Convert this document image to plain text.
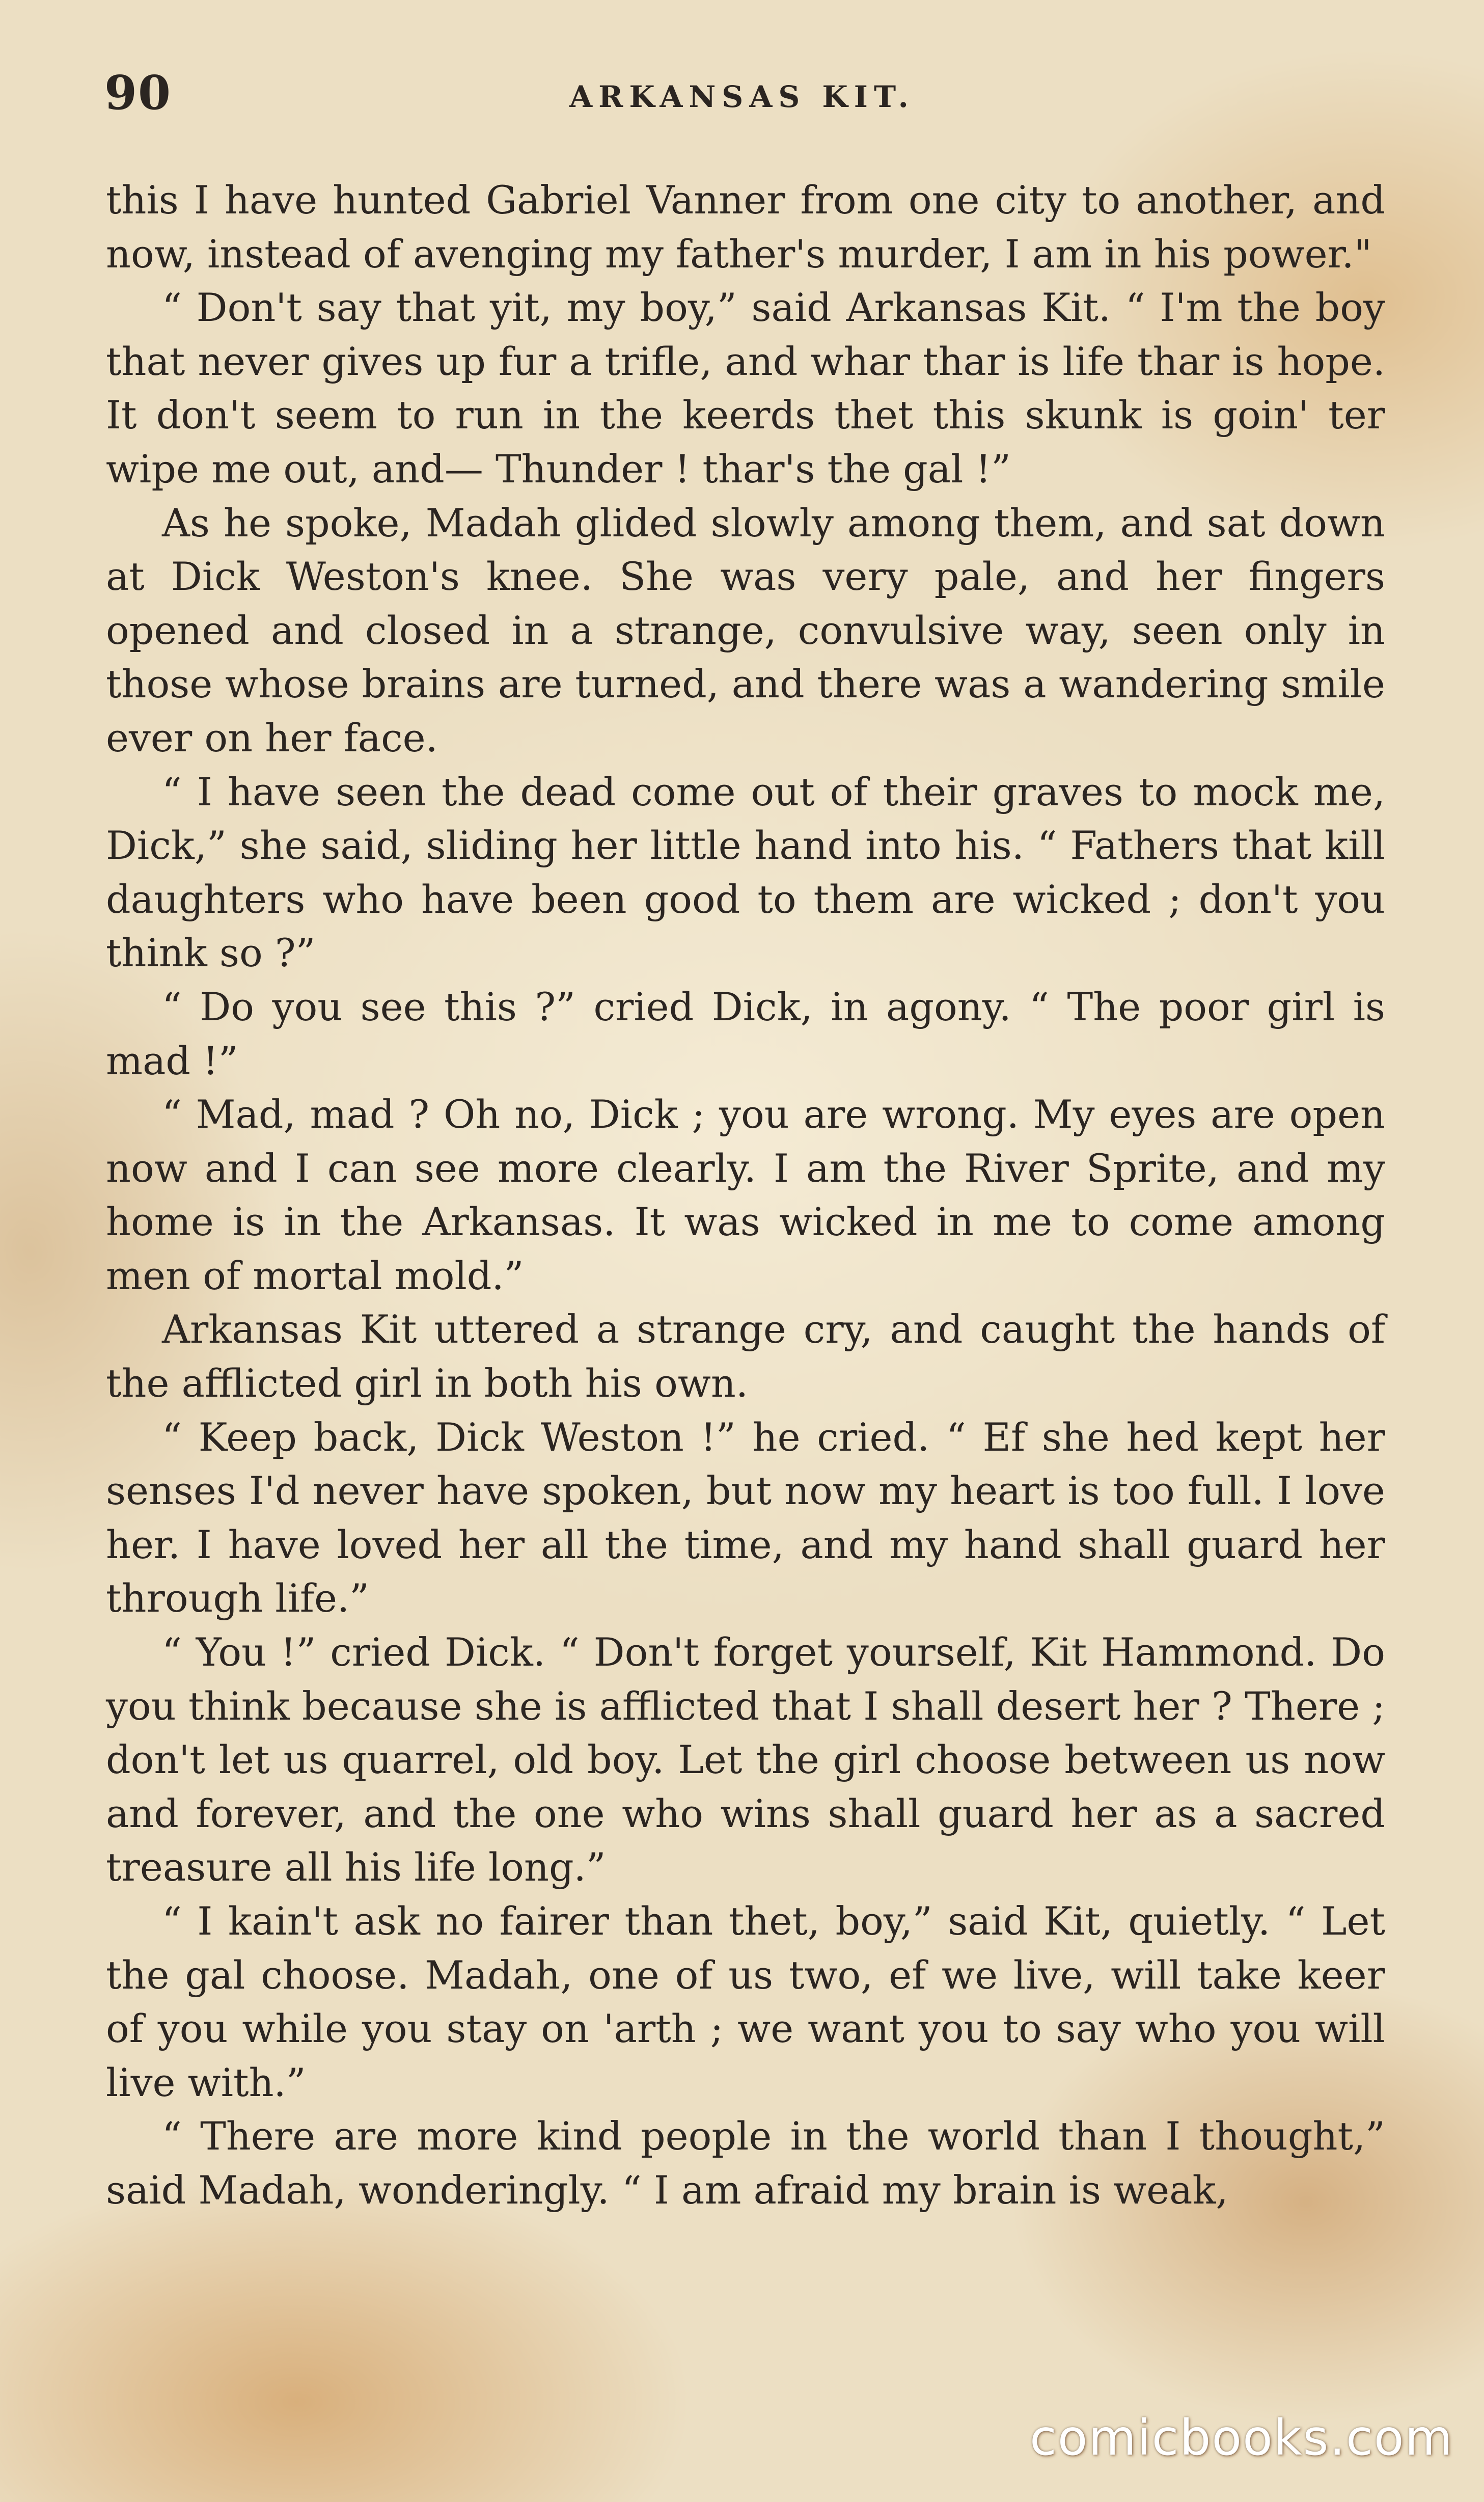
90	ARKANSAS KIT.

this I have hunted Gabriel Vanner from one city to another, and now, instead of avenging my father's murder, I am in his power."

“ Don't say that yit, my boy,” said Arkansas Kit. “ I'm the boy that never gives up fur a trifle, and whar thar is life thar is hope. It don't seem to run in the keerds thet this skunk is goin' ter wipe me out, and— Thunder ! thar's the gal !”

As he spoke, Madah glided slowly among them, and sat down at Dick Weston's knee. She was very pale, and her fingers opened and closed in a strange, convulsive way, seen only in those whose brains are turned, and there was a wandering smile ever on her face.

“ I have seen the dead come out of their graves to mock me, Dick,” she said, sliding her little hand into his. “ Fathers that kill daughters who have been good to them are wicked ; don't you think so ?”

“ Do you see this ?” cried Dick, in agony. “ The poor girl is mad !”

“ Mad, mad ? Oh no, Dick ; you are wrong. My eyes are open now and I can see more clearly. I am the River Sprite, and my home is in the Arkansas. It was wicked in me to come among men of mortal mold.”

Arkansas Kit uttered a strange cry, and caught the hands of the afflicted girl in both his own.

“ Keep back, Dick Weston !” he cried. “ Ef she hed kept her senses I'd never have spoken, but now my heart is too full. I love her. I have loved her all the time, and my hand shall guard her through life.”

“ You !” cried Dick. “ Don't forget yourself, Kit Hammond. Do you think because she is afflicted that I shall desert her ? There ; don't let us quarrel, old boy. Let the girl choose between us now and forever, and the one who wins shall guard her as a sacred treasure all his life long.”

“ I kain't ask no fairer than thet, boy,” said Kit, quietly. “ Let the gal choose. Madah, one of us two, ef we live, will take keer of you while you stay on 'arth ; we want you to say who you will live with.”

“ There are more kind people in the world than I thought,” said Madah, wonderingly. “ I am afraid my brain is weak,

comicbooks.com
